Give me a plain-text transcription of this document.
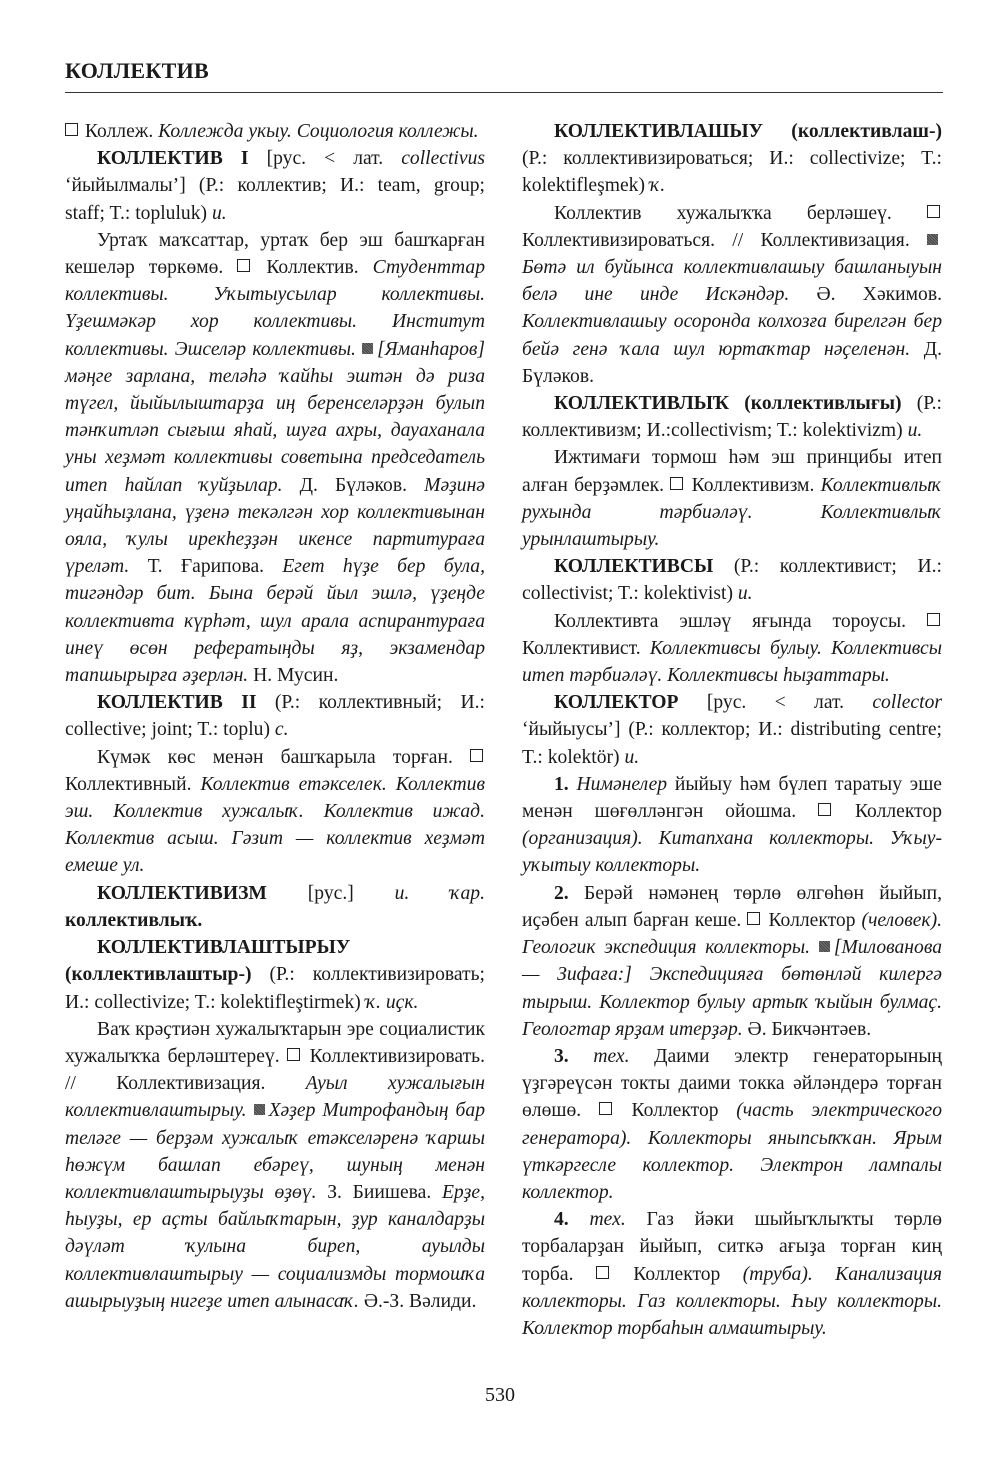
КОЛЛЕКТИВ

Коллеж. Коллежда укыу. Социология коллежы.

КОЛЛЕКТИВ I [рус. < лат. collectivus ‘йыйылмалы’] (Р.: коллектив; И.: team, group; staff; T.: topluluk) и.

Уртаҡ маҡсаттар, уртаҡ бер эш башҡарған кешеләр төркөмө.  Коллектив. Студенттар коллективы. Уҡытыусылар коллективы. Үҙешмәкәр хор коллективы. Институт коллективы. Эшселәр коллективы. [Яманһаров] мәңге зарлана, теләһә ҡайһы эштән дә риза түгел, йыйылыштарҙа иң беренселәрҙән булып тәнҡитләп сығыш яһай, шуға ахры, дауаханала уны хеҙмәт коллективы советына председатель итеп һайлап ҡуйҙылар. Д. Бүләков. Мәҙинә уңайһыҙлана, үҙенә текәлгән хор коллективынан ояла, ҡулы ирекһеҙҙән икенсе партитураға үреләт. Т. Ғарипова. Егет һүҙе бер була, тигәндәр бит. Бына берәй йыл эшлә, үҙеңде коллективта күрһәт, шул арала аспирантураға инеү өсөн рефератыңды яҙ, экзамендар тапшырырға әҙерлән. Н. Мусин.

КОЛЛЕКТИВ II (Р.: коллективный; И.: collective; joint; T.: toplu) с.

Күмәк көс менән башҡарыла торған.  Коллективный. Коллектив етәкселек. Коллектив эш. Коллектив хужалыҡ. Коллектив ижад. Коллектив асыш. Гәзит — коллектив хеҙмәт емеше ул.

КОЛЛЕКТИВИЗМ [рус.] и. ҡар. коллективлыҡ.

КОЛЛЕКТИВЛАШТЫРЫУ (коллективлаштыр-) (Р.: коллективизировать; И.: collectivize; T.: kolektifleştirmek) ҡ. иҫк.

Ваҡ крәҫтиән хужалыҡтарын эре социалистик хужалыҡҡа берләштереү.  Коллективизировать. // Коллективизация. Ауыл хужалығын коллективлаштырыу. Хәҙер Митрофандың бар теләге — берҙәм хужалыҡ етәкселәренә ҡаршы һөжүм башлап ебәреү, шуның менән коллективлаштырыуҙы өҙөү. З. Биишева. Ерҙе, һыуҙы, ер аҫты байлыҡтарын, ҙур каналдарҙы дәүләт ҡулына биреп, ауылды коллективлаштырыу — социализмды тормошҡа ашырыуҙың нигеҙе итеп алынасаҡ. Ә.-З. Вәлиди.

КОЛЛЕКТИВЛАШЫУ (коллективлаш-) (Р.: коллективизироваться; И.: collectivize; T.: kolektifleşmek) ҡ.

Коллектив хужалыҡҡа берләшеү.  Коллективизироваться. // Коллективизация. Бөтә ил буйынса коллективлашыу башланыуын белә ине инде Искәндәр. Ә. Хәкимов. Коллективлашыу осоронда колхозға бирелгән бер бейә генә ҡала шул юртаҡтар нәҫеленән. Д. Бүләков.

КОЛЛЕКТИВЛЫҠ (коллективлығы) (Р.: коллективизм; И.:collectivism; T.: kolektivizm) и.

Ижтимағи тормош һәм эш принцибы итеп алған берҙәмлек.  Коллективизм. Коллективлыҡ рухында тәрбиәләү. Коллективлыҡ урынлаштырыу.

КОЛЛЕКТИВСЫ (Р.: коллективист; И.: collectivist; T.: kolektivist) и.

Коллективта эшләү яғында тороусы.  Коллективист. Коллективсы булыу. Коллективсы итеп тәрбиәләү. Коллективсы һыҙаттары.

КОЛЛЕКТОР [рус. < лат. collector ‘йыйыусы’] (Р.: коллектор; И.: distributing centre; T.: kolektör) и.

1. Нимәнелер йыйыу һәм бүлеп таратыу эше менән шөғөлләнгән ойошма.  Коллектор (организация). Китапхана коллекторы. Уҡыу-уҡытыу коллекторы.

2. Берәй нәмәнең төрлө өлгөһөн йыйып, иҫәбен алып барған кеше.  Коллектор (человек). Геологик экспедиция коллекторы. [Милованова — Зифаға:] Экспедицияға бөтөнләй килергә тырыш. Коллектор булыу артыҡ ҡыйын булмаҫ. Геологтар ярҙам итерҙәр. Ә. Бикчәнтәев.

3. тех. Даими электр генераторының үҙгәреүсән токты даими токка әйләндерә торған өлөшө.  Коллектор (часть электрического генератора). Коллекторы яныпсыҡҡан. Ярым үткәргесле коллектор. Электрон лампалы коллектор.

4. тех. Газ йәки шыйыҡлыҡты төрлө торбаларҙан йыйып, ситкә ағыҙа торған киң торба.  Коллектор (труба). Канализация коллекторы. Газ коллекторы. Һыу коллекторы. Коллектор торбаһын алмаштырыу.

530
